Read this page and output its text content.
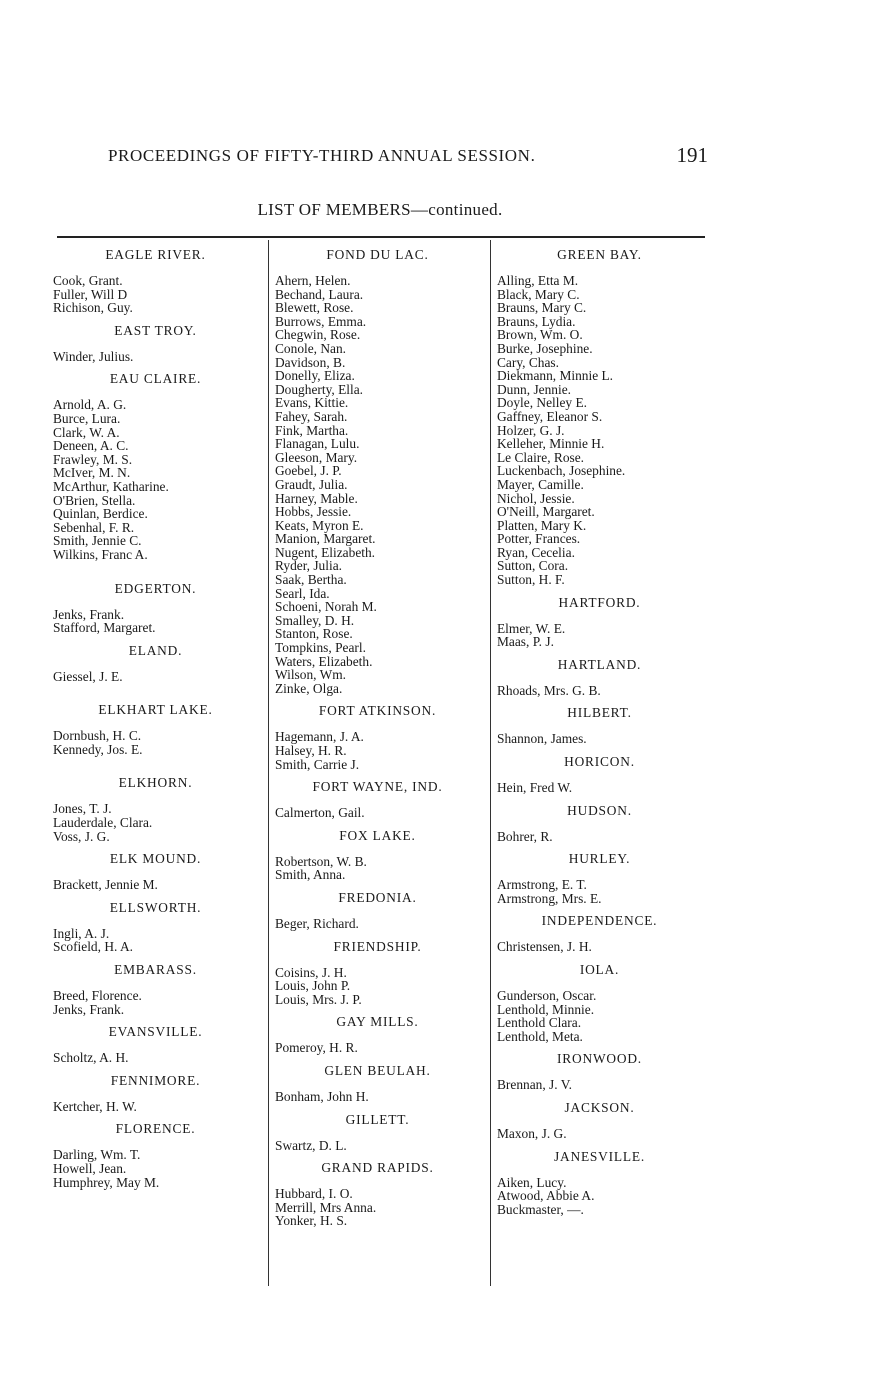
PROCEEDINGS OF FIFTY-THIRD ANNUAL SESSION.	191
LIST OF MEMBERS—continued.
EAGLE RIVER.
Cook, Grant.
Fuller, Will D
Richison, Guy.
EAST TROY.
Winder, Julius.
EAU CLAIRE.
Arnold, A. G.
Burce, Lura.
Clark, W. A.
Deneen, A. C.
Frawley, M. S.
McIver, M. N.
McArthur, Katharine.
O'Brien, Stella.
Quinlan, Berdice.
Sebenhal, F. R.
Smith, Jennie C.
Wilkins, Franc A.
EDGERTON.
Jenks, Frank.
Stafford, Margaret.
ELAND.
Giessel, J. E.
ELKHART LAKE.
Dornbush, H. C.
Kennedy, Jos. E.
ELKHORN.
Jones, T. J.
Lauderdale, Clara.
Voss, J. G.
ELK MOUND.
Brackett, Jennie M.
ELLSWORTH.
Ingli, A. J.
Scofield, H. A.
EMBARASS.
Breed, Florence.
Jenks, Frank.
EVANSVILLE.
Scholtz, A. H.
FENNIMORE.
Kertcher, H. W.
FLORENCE.
Darling, Wm. T.
Howell, Jean.
Humphrey, May M.
FOND DU LAC.
Ahern, Helen.
Bechand, Laura.
Blewett, Rose.
Burrows, Emma.
Chegwin, Rose.
Conole, Nan.
Davidson, B.
Donelly, Eliza.
Dougherty, Ella.
Evans, Kittie.
Fahey, Sarah.
Fink, Martha.
Flanagan, Lulu.
Gleeson, Mary.
Goebel, J. P.
Graudt, Julia.
Harney, Mable.
Hobbs, Jessie.
Keats, Myron E.
Manion, Margaret.
Nugent, Elizabeth.
Ryder, Julia.
Saak, Bertha.
Searl, Ida.
Schoeni, Norah M.
Smalley, D. H.
Stanton, Rose.
Tompkins, Pearl.
Waters, Elizabeth.
Wilson, Wm.
Zinke, Olga.
FORT ATKINSON.
Hagemann, J. A.
Halsey, H. R.
Smith, Carrie J.
FORT WAYNE, IND.
Calmerton, Gail.
FOX LAKE.
Robertson, W. B.
Smith, Anna.
FREDONIA.
Beger, Richard.
FRIENDSHIP.
Coisins, J. H.
Louis, John P.
Louis, Mrs. J. P.
GAY MILLS.
Pomeroy, H. R.
GLEN BEULAH.
Bonham, John H.
GILLETT.
Swartz, D. L.
GRAND RAPIDS.
Hubbard, I. O.
Merrill, Mrs Anna.
Yonker, H. S.
GREEN BAY.
Alling, Etta M.
Black, Mary C.
Brauns, Mary C.
Brauns, Lydia.
Brown, Wm. O.
Burke, Josephine.
Cary, Chas.
Diekmann, Minnie L.
Dunn, Jennie.
Doyle, Nelley E.
Gaffney, Eleanor S.
Holzer, G. J.
Kelleher, Minnie H.
Le Claire, Rose.
Luckenbach, Josephine.
Mayer, Camille.
Nichol, Jessie.
O'Neill, Margaret.
Platten, Mary K.
Potter, Frances.
Ryan, Cecelia.
Sutton, Cora.
Sutton, H. F.
HARTFORD.
Elmer, W. E.
Maas, P. J.
HARTLAND.
Rhoads, Mrs. G. B.
HILBERT.
Shannon, James.
HORICON.
Hein, Fred W.
HUDSON.
Bohrer, R.
HURLEY.
Armstrong, E. T.
Armstrong, Mrs. E.
INDEPENDENCE.
Christensen, J. H.
IOLA.
Gunderson, Oscar.
Lenthold, Minnie.
Lenthold Clara.
Lenthold, Meta.
IRONWOOD.
Brennan, J. V.
JACKSON.
Maxon, J. G.
JANESVILLE.
Aiken, Lucy.
Atwood, Abbie A.
Buckmaster, —.
